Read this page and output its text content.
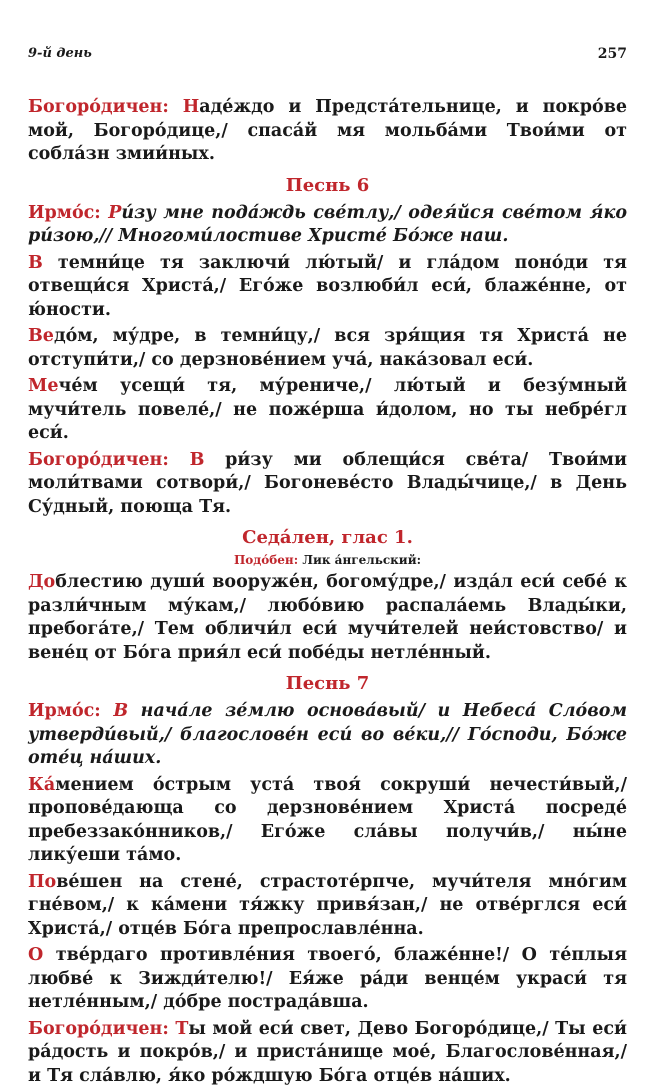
9-й день	257

Богоро́дичен: Наде́ждо и Предста́тельнице, и покро́ве мой, Богоро́дице,/ спаса́й мя мольба́ми Твои́ми от собла́зн змии́ных.

Песнь 6

Ирмо́с: Ри́зу мне пода́ждь све́тлу,/ одея́йся све́том я́ко ри́зою,// Многоми́лостиве Христе́ Бо́же наш.

В темни́це тя заключи́ лю́тый/ и гла́дом поно́ди тя отвещи́ся Христа́,/ Его́же возлюби́л еси́, блаже́нне, от ю́ности.

Ведо́м, му́дре, в темни́цу,/ вся зря́щия тя Христа́ не отступи́ти,/ со дерзнове́нием уча́, нака́зовал еси́.

Мече́м усещи́ тя, му́рениче,/ лю́тый и безу́мный мучи́тель повеле́,/ не поже́рша и́долом, но ты небре́гл еси́.

Богоро́дичен: В ри́зу ми облещи́ся све́та/ Твои́ми моли́твами сотвори́,/ Богоневе́сто Влады́чице,/ в День Су́дный, поюща Тя.

Седа́лен, глас 1.
Подо́бен: Лик а́нгельский:

Доблестию души́ вооруже́н, богому́дре,/ изда́л еси́ себе́ к разли́чным му́кам,/ любо́вию распала́емь Влады́ки, пребога́те,/ Тем обличи́л еси́ мучи́телей неи́стовство/ и вене́ц от Бо́га прия́л еси́ побе́ды нетле́нный.

Песнь 7

Ирмо́с: В нача́ле зе́млю основа́вый/ и Небеса́ Сло́вом утверди́вый,/ благослове́н еси́ во ве́ки,// Го́споди, Бо́же оте́ц на́ших.

Ка́мением о́стрым уста́ твоя́ сокруши́ нечести́вый,/ пропове́дающа со дерзнове́нием Христа́ посреде́ пребеззако́нников,/ Его́же сла́вы получи́в,/ ны́не лику́еши та́мо.

Пове́шен на стене́, страстоте́рпче, мучи́теля мно́гим гне́вом,/ к ка́мени тя́жку привя́зан,/ не отве́рглся еси́ Христа́,/ отце́в Бо́га препрославле́нна.

О тве́рдаго противле́ния твоего́, блаже́нне!/ О те́плыя любве́ к Зижди́телю!/ Ея́же ра́ди венце́м украси́ тя нетле́нным,/ до́бре пострада́вша.

Богоро́дичен: Ты мой еси́ свет, Дево Богоро́дице,/ Ты еси́ ра́дость и покро́в,/ и приста́нище мое́, Благослове́нная,/ и Тя сла́влю, я́ко ро́ждшую Бо́га отце́в на́ших.
